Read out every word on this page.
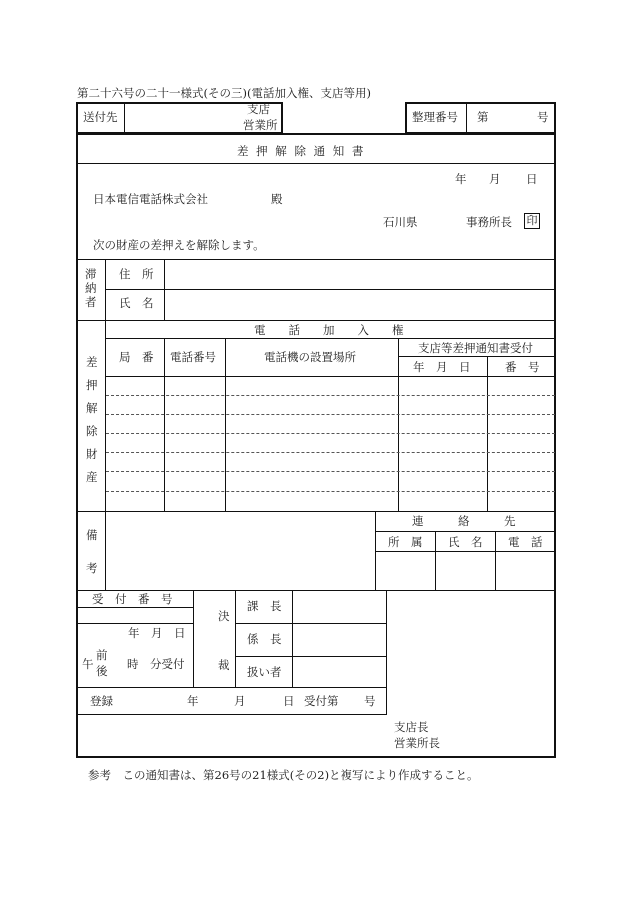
第二十六号の二十一様式(その三)(電話加入権、支店等用)
送付先
支店
営業所
整理番号 第	号
差 押 解 除 通 知 書
年 月 日
日本電信電話株式会社	殿
石川県	事務所長 印
次の財産の差押えを解除します。
滞
納
者
住　所
氏　名
差
押
解
除
財
産
電　　話　　加　　入　　権
局　番 電話番号	電話機の設置場所
支店等差押通知書受付
年　月　日	番　号
備
考
連　　　絡　　　先
所　属 氏　名 電　話
受　付　番　号
年　月　日
午
前
後 時　分受付
決
裁
課　長
係　長
扱い者
登録	年	月	日 受付第 号
支店長
営業所長
参考　この通知書は、第26号の21様式(その2)と複写により作成すること。
